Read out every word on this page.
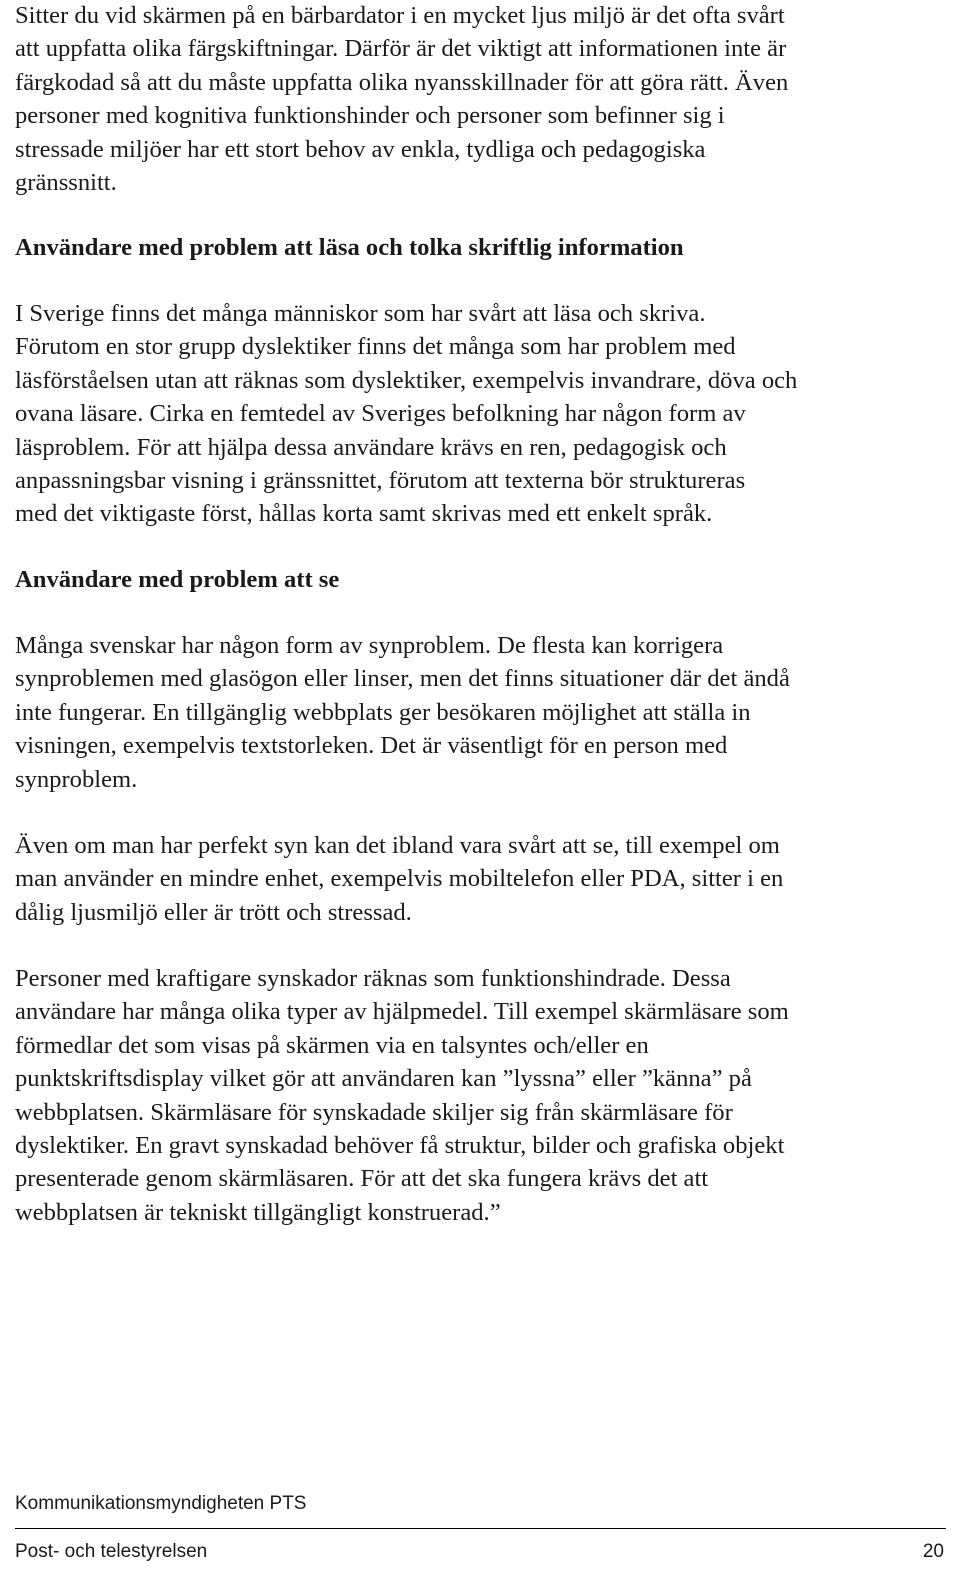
Sitter du vid skärmen på en bärbardator i en mycket ljus miljö är det ofta svårt
att uppfatta olika färgskiftningar. Därför är det viktigt att informationen inte är
färgkodad så att du måste uppfatta olika nyansskillnader för att göra rätt. Även
personer med kognitiva funktionshinder och personer som befinner sig i
stressade miljöer har ett stort behov av enkla, tydliga och pedagogiska
gränssnitt.

Användare med problem att läsa och tolka skriftlig information

I Sverige finns det många människor som har svårt att läsa och skriva.
Förutom en stor grupp dyslektiker finns det många som har problem med
läsförståelsen utan att räknas som dyslektiker, exempelvis invandrare, döva och
ovana läsare. Cirka en femtedel av Sveriges befolkning har någon form av
läsproblem. För att hjälpa dessa användare krävs en ren, pedagogisk och
anpassningsbar visning i gränssnittet, förutom att texterna bör struktureras
med det viktigaste först, hållas korta samt skrivas med ett enkelt språk.

Användare med problem att se

Många svenskar har någon form av synproblem. De flesta kan korrigera
synproblemen med glasögon eller linser, men det finns situationer där det ändå
inte fungerar. En tillgänglig webbplats ger besökaren möjlighet att ställa in
visningen, exempelvis textstorleken. Det är väsentligt för en person med
synproblem.

Även om man har perfekt syn kan det ibland vara svårt att se, till exempel om
man använder en mindre enhet, exempelvis mobiltelefon eller PDA, sitter i en
dålig ljusmiljö eller är trött och stressad.

Personer med kraftigare synskador räknas som funktionshindrade. Dessa
användare har många olika typer av hjälpmedel. Till exempel skärmläsare som
förmedlar det som visas på skärmen via en talsyntes och/eller en
punktskriftsdisplay vilket gör att användaren kan ”lyssna” eller ”känna” på
webbplatsen. Skärmläsare för synskadade skiljer sig från skärmläsare för
dyslektiker. En gravt synskadad behöver få struktur, bilder och grafiska objekt
presenterade genom skärmläsaren. För att det ska fungera krävs det att
webbplatsen är tekniskt tillgängligt konstruerad.”

Kommunikationsmyndigheten PTS
Post- och telestyrelsen	20
